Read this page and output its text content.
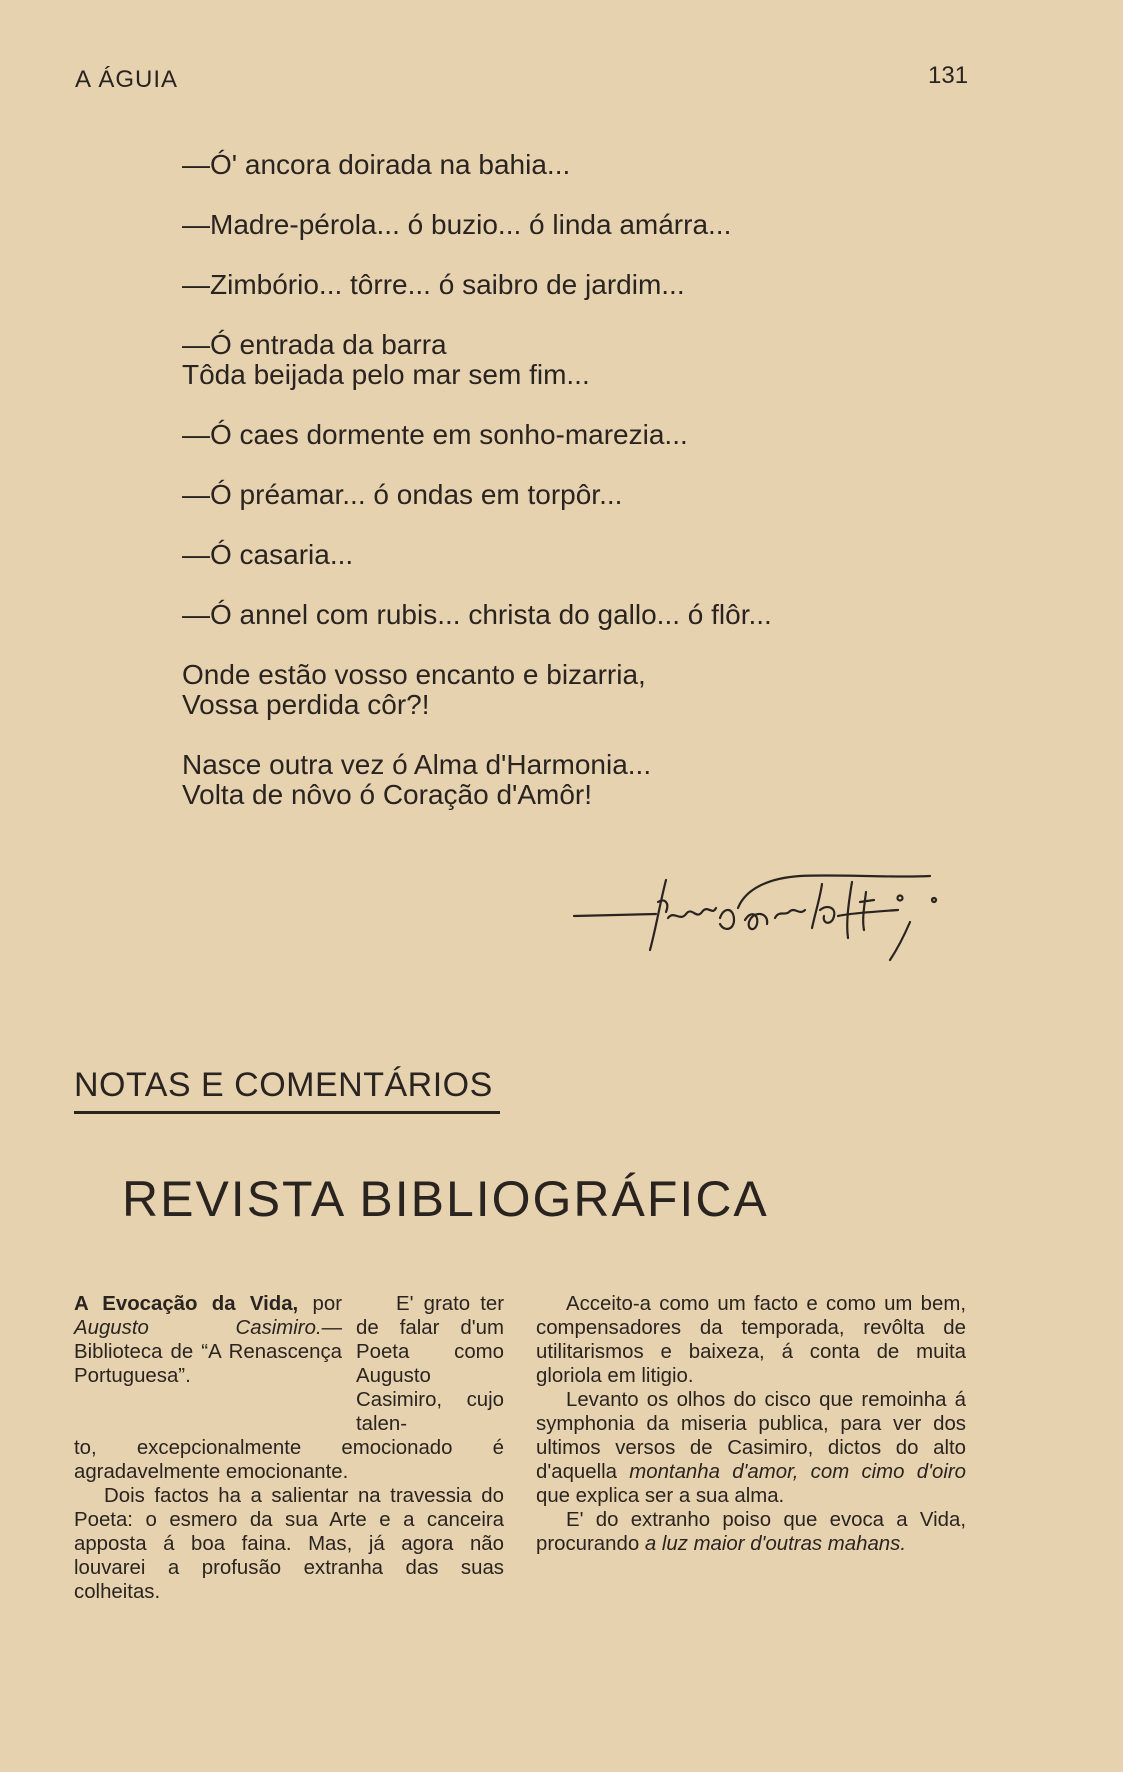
A ÁGUIA	131
—Ó' ancora doirada na bahia...
—Madre-pérola... ó buzio... ó linda amárra...
—Zimbório... tôrre... ó saibro de jardim...
—Ó entrada da barra
Tôda beijada pelo mar sem fim...
—Ó caes dormente em sonho-marezia...
—Ó préamar... ó ondas em torpôr...
—Ó casaria...
—Ó annel com rubis... christa do gallo... ó flôr...
Onde estão vosso encanto e bizarria,
Vossa perdida côr?!
Nasce outra vez ó Alma d'Harmonia...
Volta de nôvo ó Coração d'Amôr!
NOTAS E COMENTÁRIOS
REVISTA BIBLIOGRÁFICA

E' grato ter de falar d'um Poeta como Augusto Casimiro, cujo talen-

A Evocação da Vida, por Augusto Casimiro.— Biblioteca de “A Renascença Portuguesa”.

to, excepcionalmente emocionado é agradavelmente emocionante.

Dois factos ha a salientar na travessia do Poeta: o esmero da sua Arte e a canceira apposta á boa faina. Mas, já agora não louvarei a profusão extranha das suas colheitas.

Acceito-a como um facto e como um bem, compensadores da temporada, revôlta de utilitarismos e baixeza, á conta de muita gloriola em litigio.

Levanto os olhos do cisco que remoinha á symphonia da miseria publica, para ver dos ultimos versos de Casimiro, dictos do alto d'aquella montanha d'amor, com cimo d'oiro que explica ser a sua alma.

E' do extranho poiso que evoca a Vida, procurando a luz maior d'outras mahans.
